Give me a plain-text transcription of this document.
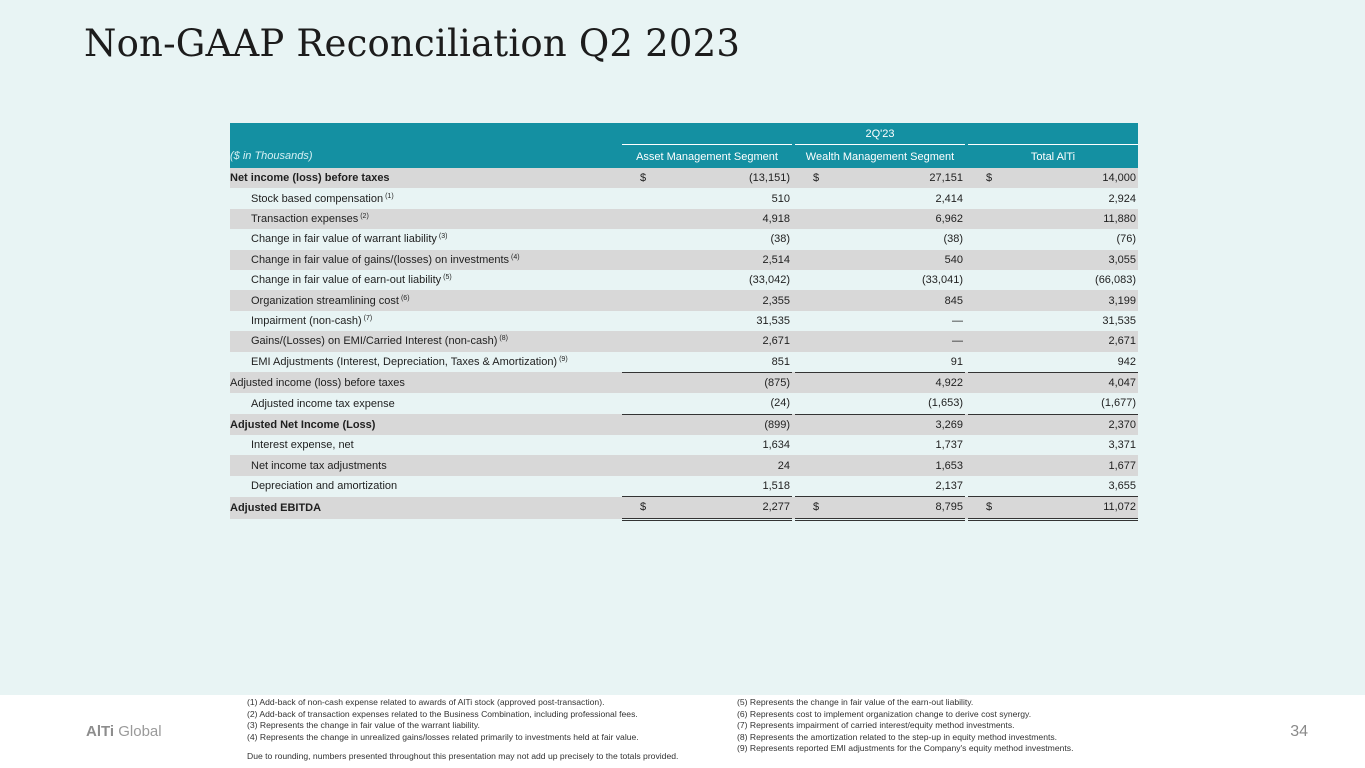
Non-GAAP Reconciliation Q2 2023
	2Q'23							
($ in Thousands)	Asset Management Segment			Wealth Management Segment			Total AlTi	
Net income (loss) before taxes	$	(13,151)		$	27,151		$	14,000
Stock based compensation $^{(1)}$		510			2,414			2,924
Transaction expenses $^{(2)}$		4,918			6,962			11,880
Change in fair value of warrant liability $^{(3)}$		(38)			(38)			(76)
Change in fair value of gains/(losses) on investments $^{(4)}$		2,514			540			3,055
Change in fair value of earn-out liability $^{(5)}$		(33,042)			(33,041)			(66,083)
Organization streamlining cost $^{(6)}$		2,355			845			3,199
Impairment (non-cash) $^{(7)}$		31,535			—			31,535
Gains/(Losses) on EMI/Carried Interest (non-cash) $^{(8)}$		2,671			—			2,671
EMI Adjustments (Interest, Depreciation, Taxes & Amortization) $^{(9)}$		851			91			942
Adjusted income (loss) before taxes		(875)			4,922			4,047
Adjusted income tax expense		(24)			(1,653)			(1,677)
Adjusted Net Income (Loss)		(899)			3,269			2,370
Interest expense, net		1,634			1,737			3,371
Net income tax adjustments		24			1,653			1,677
Depreciation and amortization		1,518			2,137			3,655
Adjusted EBITDA	$	2,277		$	8,795		$	11,072
(1) Add-back of non-cash expense related to awards of AlTi stock (approved post-transaction).
(2) Add-back of transaction expenses related to the Business Combination, including professional fees.
(3) Represents the change in fair value of the warrant liability.
(4) Represents the change in unrealized gains/losses related primarily to investments held at fair value.
(5) Represents the change in fair value of the earn-out liability.
(6) Represents cost to implement organization change to derive cost synergy.
(7) Represents impairment of carried interest/equity method investments.
(8) Represents the amortization related to the step-up in equity method investments.
(9) Represents reported EMI adjustments for the Company's equity method investments.
Due to rounding, numbers presented throughout this presentation may not add up precisely to the totals provided.
AlTi Global	34
